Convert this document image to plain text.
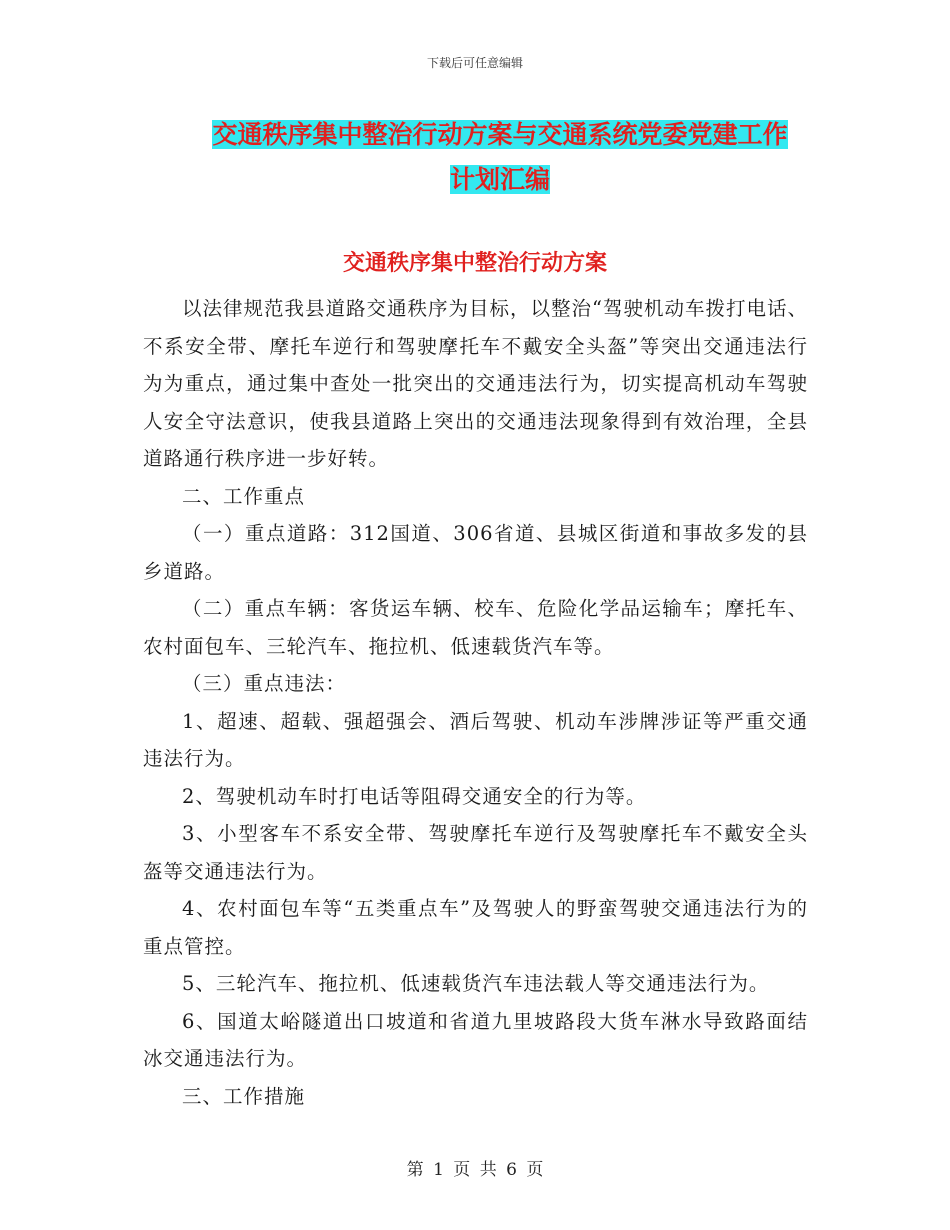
下载后可任意编辑
交通秩序集中整治行动方案与交通系统党委党建工作
计划汇编
交通秩序集中整治行动方案

以法律规范我县道路交通秩序为目标，以整治“驾驶机动车拨打电话、不系安全带、摩托车逆行和驾驶摩托车不戴安全头盔”等突出交通违法行为为重点，通过集中查处一批突出的交通违法行为，切实提高机动车驾驶人安全守法意识，使我县道路上突出的交通违法现象得到有效治理，全县道路通行秩序进一步好转。

二、工作重点

（一）重点道路：312国道、306省道、县城区街道和事故多发的县乡道路。

（二）重点车辆：客货运车辆、校车、危险化学品运输车；摩托车、农村面包车、三轮汽车、拖拉机、低速载货汽车等。

（三）重点违法：

1、超速、超载、强超强会、酒后驾驶、机动车涉牌涉证等严重交通违法行为。

2、驾驶机动车时打电话等阻碍交通安全的行为等。

3、小型客车不系安全带、驾驶摩托车逆行及驾驶摩托车不戴安全头盔等交通违法行为。

4、农村面包车等“五类重点车”及驾驶人的野蛮驾驶交通违法行为的重点管控。

5、三轮汽车、拖拉机、低速载货汽车违法载人等交通违法行为。

6、国道太峪隧道出口坡道和省道九里坡路段大货车淋水导致路面结冰交通违法行为。

三、工作措施

第 1 页 共 6 页
